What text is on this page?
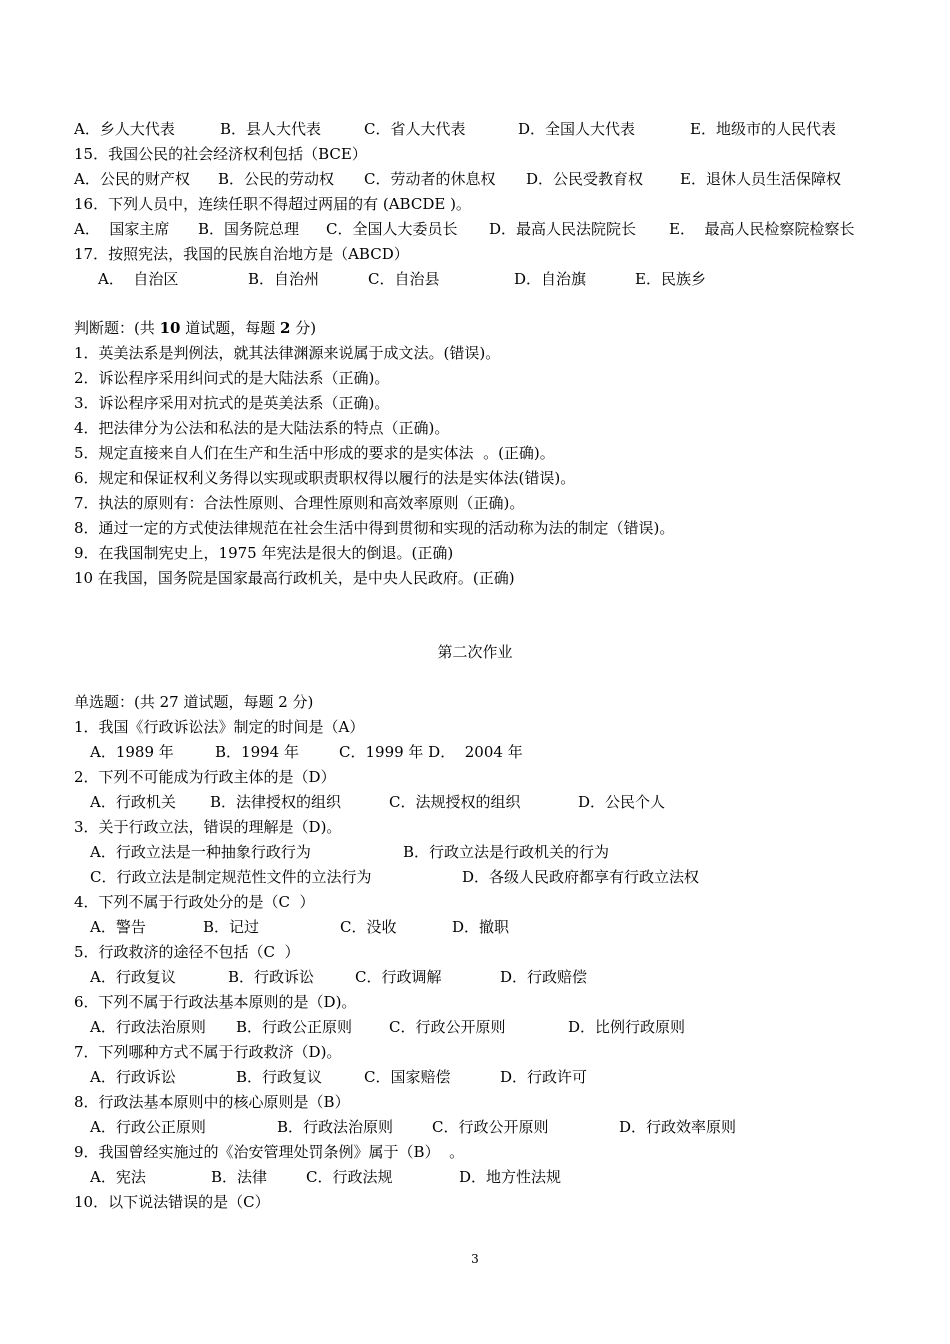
A．乡人大代表	B．县人大代表	C．省人大代表	D．全国人大代表	E．地级市的人民代表
15．我国公民的社会经济权利包括（BCE）
A．公民的财产权 B．公民的劳动权 C．劳动者的休息权 D．公民受教育权 E．退休人员生活保障权
16．下列人员中，连续任职不得超过两届的有 (ABCDE )。
A．  国家主席 B．国务院总理 C．全国人大委员长 D．最高人民法院院长 E．  最高人民检察院检察长
17．按照宪法，我国的民族自治地方是（ABCD）
A．  自治区	B．自治州	C．自治县	D．自治旗	E．民族乡
判断题：(共 10 道试题，每题 2 分)
1．英美法系是判例法，就其法律渊源来说属于成文法。(错误)。
2．诉讼程序采用纠问式的是大陆法系（正确)。
3．诉讼程序采用对抗式的是英美法系（正确)。
4．把法律分为公法和私法的是大陆法系的特点（正确)。
5．规定直接来自人们在生产和生活中形成的要求的是实体法  。(正确)。
6．规定和保证权利义务得以实现或职责职权得以履行的法是实体法(错误)。
7．执法的原则有：合法性原则、合理性原则和高效率原则（正确)。
8．通过一定的方式使法律规范在社会生活中得到贯彻和实现的活动称为法的制定（错误)。
9．在我国制宪史上，1975 年宪法是很大的倒退。(正确)
10 在我国，国务院是国家最高行政机关，是中央人民政府。(正确)
第二次作业
单选题：(共 27 道试题，每题 2 分)
1．我国《行政诉讼法》制定的时间是（A）
A．1989 年	B．1994 年	C．1999 年 D．  2004 年
2．下列不可能成为行政主体的是（D）
A．行政机关 B．法律授权的组织	C．法规授权的组织	D．公民个人
3．关于行政立法，错误的理解是（D)。
A．行政立法是一种抽象行政行为	B．行政立法是行政机关的行为
C．行政立法是制定规范性文件的立法行为	D．各级人民政府都享有行政立法权
4．下列不属于行政处分的是（C  ）
A．警告	B．记过	C．没收	D．撤职
5．行政救济的途径不包括（C  ）
A．行政复议	B．行政诉讼	C．行政调解	D．行政赔偿
6．下列不属于行政法基本原则的是（D)。
A．行政法治原则 B．行政公正原则 C．行政公开原则	D．比例行政原则
7．下列哪种方式不属于行政救济（D)。
A．行政诉讼	B．行政复议	C．国家赔偿	D．行政许可
8．行政法基本原则中的核心原则是（B）
A．行政公正原则	B．行政法治原则	C．行政公开原则	D．行政效率原则
9．我国曾经实施过的《治安管理处罚条例》属于（B）  。
A．宪法	B．法律	C．行政法规	D．地方性法规
10．以下说法错误的是（C）
3
